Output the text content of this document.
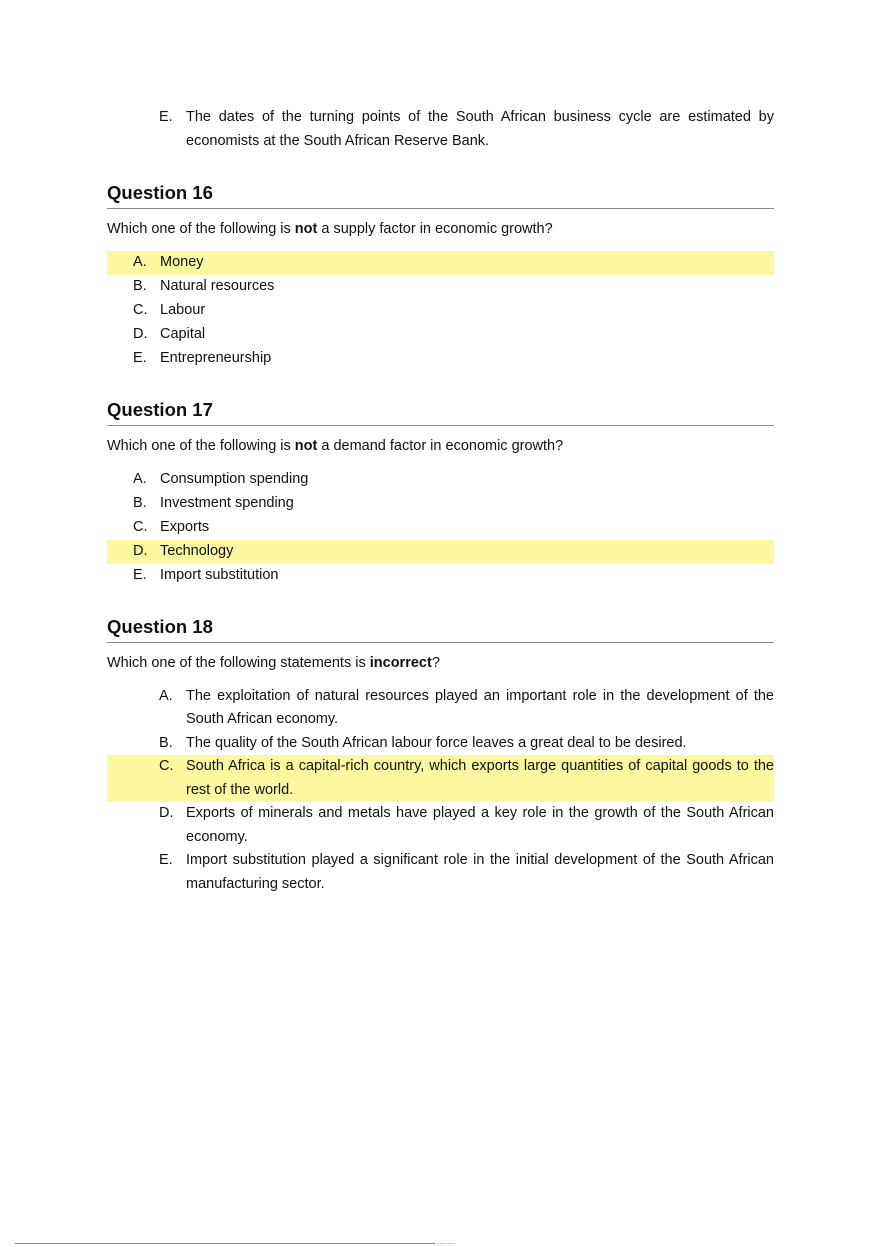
E. The dates of the turning points of the South African business cycle are estimated by economists at the South African Reserve Bank.
Question 16

Which one of the following is not a supply factor in economic growth?

A. Money
B. Natural resources
C. Labour
D. Capital
E. Entrepreneurship
Question 17

Which one of the following is not a demand factor in economic growth?

A. Consumption spending
B. Investment spending
C. Exports
D. Technology
E. Import substitution
Question 18

Which one of the following statements is incorrect?

A. The exploitation of natural resources played an important role in the development of the South African economy.
B. The quality of the South African labour force leaves a great deal to be desired.
C. South Africa is a capital-rich country, which exports large quantities of capital goods to the rest of the world.
D. Exports of minerals and metals have played a key role in the growth of the South African economy.
E. Import substitution played a significant role in the initial development of the South African manufacturing sector.
